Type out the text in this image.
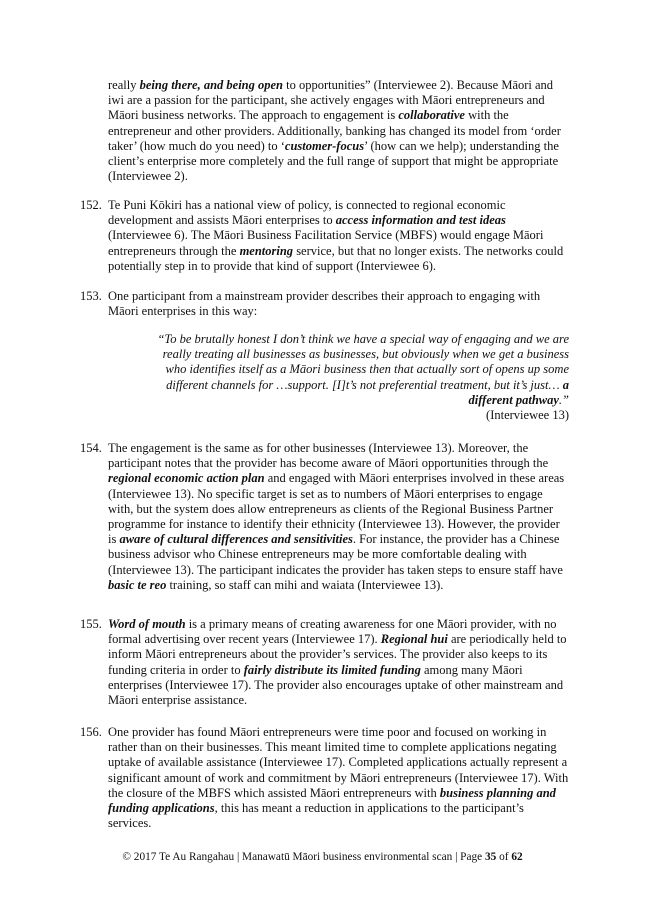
really being there, and being open to opportunities” (Interviewee 2). Because Māori and iwi are a passion for the participant, she actively engages with Māori entrepreneurs and Māori business networks. The approach to engagement is collaborative with the entrepreneur and other providers. Additionally, banking has changed its model from ‘order taker’ (how much do you need) to ‘customer-focus’ (how can we help); understanding the client’s enterprise more completely and the full range of support that might be appropriate (Interviewee 2).

152. Te Puni Kōkiri has a national view of policy, is connected to regional economic development and assists Māori enterprises to access information and test ideas (Interviewee 6). The Māori Business Facilitation Service (MBFS) would engage Māori entrepreneurs through the mentoring service, but that no longer exists. The networks could potentially step in to provide that kind of support (Interviewee 6).
153. One participant from a mainstream provider describes their approach to engaging with Māori enterprises in this way:

“To be brutally honest I don’t think we have a special way of engaging and we are really treating all businesses as businesses, but obviously when we get a business who identifies itself as a Māori business then that actually sort of opens up some different channels for …support. [I]t’s not preferential treatment, but it’s just… a different pathway.”
(Interviewee 13)

154. The engagement is the same as for other businesses (Interviewee 13). Moreover, the participant notes that the provider has become aware of Māori opportunities through the regional economic action plan and engaged with Māori enterprises involved in these areas (Interviewee 13). No specific target is set as to numbers of Māori enterprises to engage with, but the system does allow entrepreneurs as clients of the Regional Business Partner programme for instance to identify their ethnicity (Interviewee 13). However, the provider is aware of cultural differences and sensitivities. For instance, the provider has a Chinese business advisor who Chinese entrepreneurs may be more comfortable dealing with (Interviewee 13). The participant indicates the provider has taken steps to ensure staff have basic te reo training, so staff can mihi and waiata (Interviewee 13).
155. Word of mouth is a primary means of creating awareness for one Māori provider, with no formal advertising over recent years (Interviewee 17). Regional hui are periodically held to inform Māori entrepreneurs about the provider’s services. The provider also keeps to its funding criteria in order to fairly distribute its limited funding among many Māori enterprises (Interviewee 17). The provider also encourages uptake of other mainstream and Māori enterprise assistance.
156. One provider has found Māori entrepreneurs were time poor and focused on working in rather than on their businesses. This meant limited time to complete applications negating uptake of available assistance (Interviewee 17). Completed applications actually represent a significant amount of work and commitment by Māori entrepreneurs (Interviewee 17). With the closure of the MBFS which assisted Māori entrepreneurs with business planning and funding applications, this has meant a reduction in applications to the participant’s services.
© 2017 Te Au Rangahau | Manawatū Māori business environmental scan | Page 35 of 62
